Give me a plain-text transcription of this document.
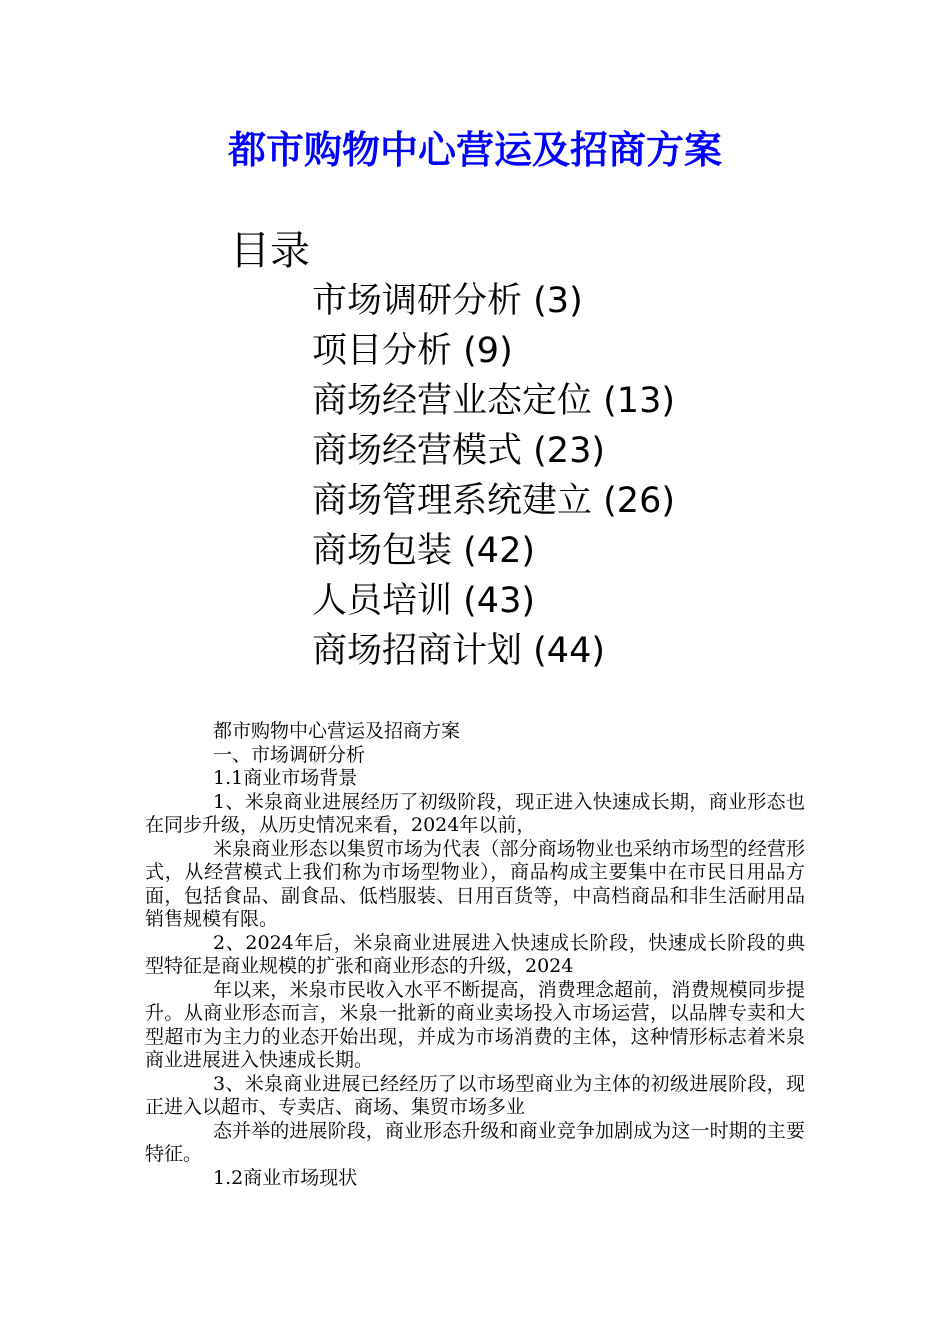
都市购物中心营运及招商方案
目录
市场调研分析 (3)
项目分析 (9)
商场经营业态定位 (13)
商场经营模式 (23)
商场管理系统建立 (26)
商场包装 (42)
人员培训 (43)
商场招商计划 (44)

都市购物中心营运及招商方案

一、市场调研分析

1.1商业市场背景

1、米泉商业进展经历了初级阶段，现正进入快速成长期，商业形态也在同步升级，从历史情况来看，2024年以前，

米泉商业形态以集贸市场为代表（部分商场物业也采纳市场型的经营形式，从经营模式上我们称为市场型物业），商品构成主要集中在市民日用品方面，包括食品、副食品、低档服装、日用百货等，中高档商品和非生活耐用品销售规模有限。

2、2024年后，米泉商业进展进入快速成长阶段，快速成长阶段的典型特征是商业规模的扩张和商业形态的升级，2024

年以来，米泉市民收入水平不断提高，消费理念超前，消费规模同步提升。从商业形态而言，米泉一批新的商业卖场投入市场运营，以品牌专卖和大型超市为主力的业态开始出现，并成为市场消费的主体，这种情形标志着米泉商业进展进入快速成长期。

3、米泉商业进展已经经历了以市场型商业为主体的初级进展阶段，现正进入以超市、专卖店、商场、集贸市场多业

态并举的进展阶段，商业形态升级和商业竞争加剧成为这一时期的主要特征。

1.2商业市场现状
